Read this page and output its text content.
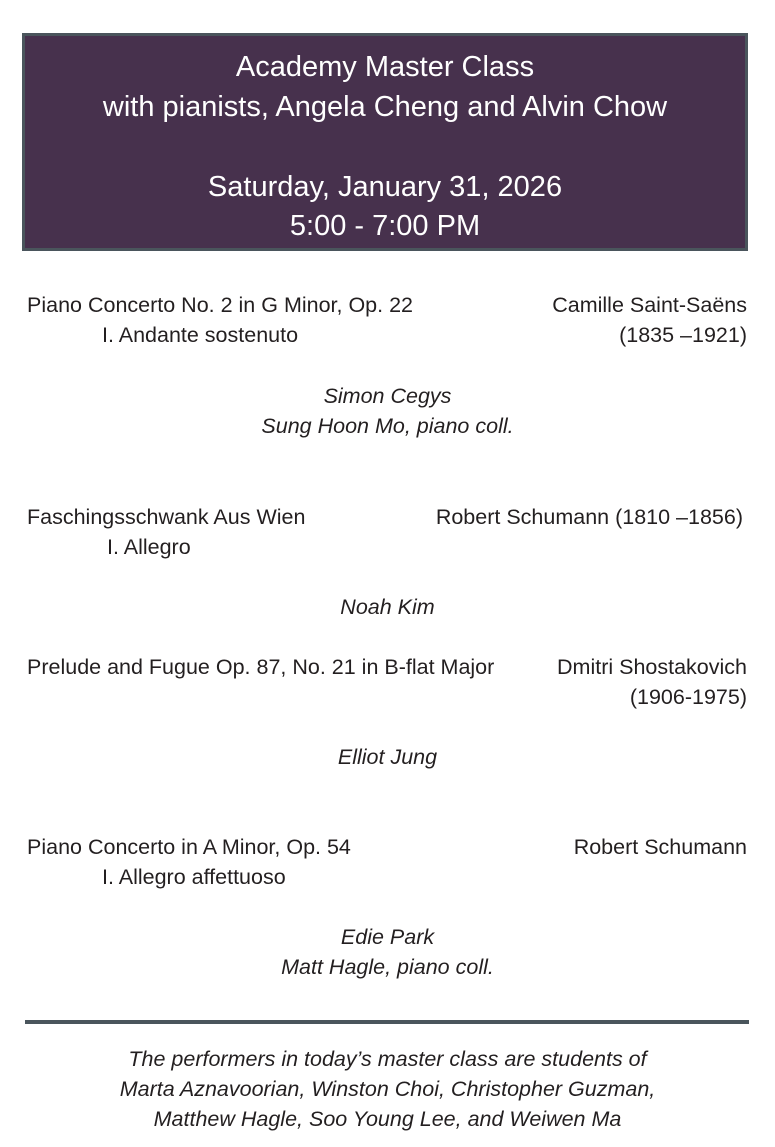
Academy Master Class
with pianists, Angela Cheng and Alvin Chow
Saturday, January 31, 2026
5:00 - 7:00 PM
Piano Concerto No. 2 in G Minor, Op. 22
I. Andante sostenuto
Camille Saint-Saëns
(1835 –1921)
Simon Cegys
Sung Hoon Mo, piano coll.
Faschingsschwank Aus Wien
I. Allegro
Robert Schumann (1810 –1856)
Noah Kim
Prelude and Fugue Op. 87, No. 21 in B-flat Major	Dmitri Shostakovich
(1906-1975)
Elliot Jung
Piano Concerto in A Minor, Op. 54
I. Allegro affettuoso
Robert Schumann
Edie Park
Matt Hagle, piano coll.
The performers in today’s master class are students of
Marta Aznavoorian, Winston Choi, Christopher Guzman,
Matthew Hagle, Soo Young Lee, and Weiwen Ma
